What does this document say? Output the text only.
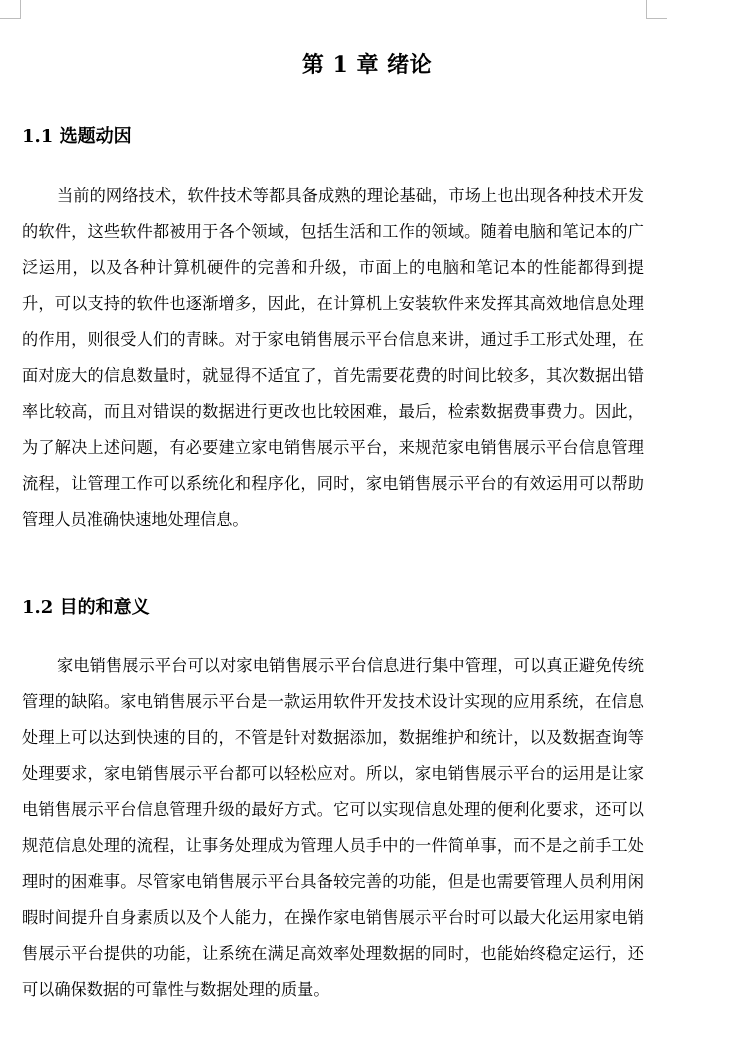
第 1 章 绪论
1.1 选题动因

当前的网络技术，软件技术等都具备成熟的理论基础，市场上也出现各种技术开发的软件，这些软件都被用于各个领域，包括生活和工作的领域。随着电脑和笔记本的广泛运用，以及各种计算机硬件的完善和升级，市面上的电脑和笔记本的性能都得到提升，可以支持的软件也逐渐增多，因此，在计算机上安装软件来发挥其高效地信息处理的作用，则很受人们的青睐。对于家电销售展示平台信息来讲，通过手工形式处理，在面对庞大的信息数量时，就显得不适宜了，首先需要花费的时间比较多，其次数据出错率比较高，而且对错误的数据进行更改也比较困难，最后，检索数据费事费力。因此，为了解决上述问题，有必要建立家电销售展示平台，来规范家电销售展示平台信息管理流程，让管理工作可以系统化和程序化，同时，家电销售展示平台的有效运用可以帮助管理人员准确快速地处理信息。

1.2 目的和意义

家电销售展示平台可以对家电销售展示平台信息进行集中管理，可以真正避免传统管理的缺陷。家电销售展示平台是一款运用软件开发技术设计实现的应用系统，在信息处理上可以达到快速的目的，不管是针对数据添加，数据维护和统计，以及数据查询等处理要求，家电销售展示平台都可以轻松应对。所以，家电销售展示平台的运用是让家电销售展示平台信息管理升级的最好方式。它可以实现信息处理的便利化要求，还可以规范信息处理的流程，让事务处理成为管理人员手中的一件简单事，而不是之前手工处理时的困难事。尽管家电销售展示平台具备较完善的功能，但是也需要管理人员利用闲暇时间提升自身素质以及个人能力，在操作家电销售展示平台时可以最大化运用家电销售展示平台提供的功能，让系统在满足高效率处理数据的同时，也能始终稳定运行，还可以确保数据的可靠性与数据处理的质量。
